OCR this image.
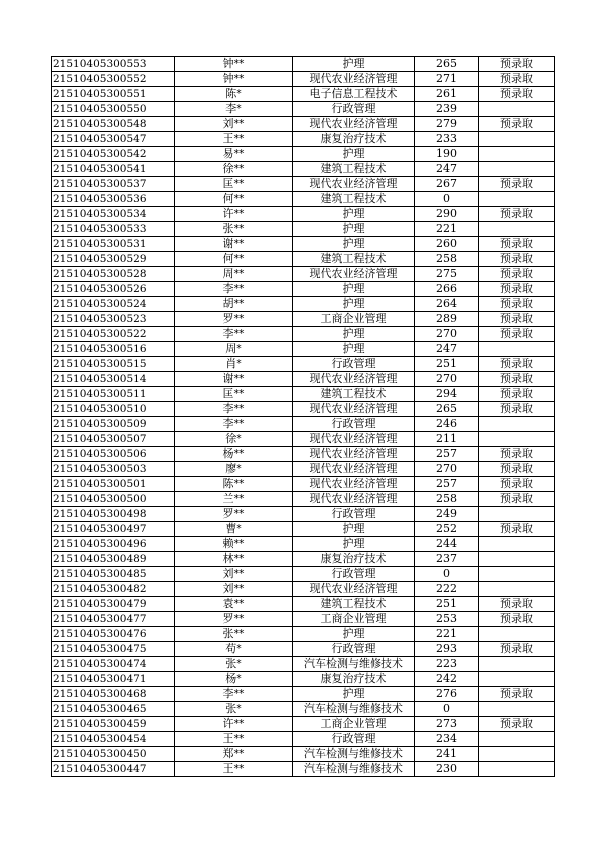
21510405300553	钟**	护理	265	预录取
21510405300552	钟**	现代农业经济管理	271	预录取
21510405300551	陈*	电子信息工程技术	261	预录取
21510405300550	李*	行政管理	239	
21510405300548	刘**	现代农业经济管理	279	预录取
21510405300547	王**	康复治疗技术	233	
21510405300542	易**	护理	190	
21510405300541	徐**	建筑工程技术	247	
21510405300537	匡**	现代农业经济管理	267	预录取
21510405300536	何**	建筑工程技术	0	
21510405300534	许**	护理	290	预录取
21510405300533	张**	护理	221	
21510405300531	谢**	护理	260	预录取
21510405300529	何**	建筑工程技术	258	预录取
21510405300528	周**	现代农业经济管理	275	预录取
21510405300526	李**	护理	266	预录取
21510405300524	胡**	护理	264	预录取
21510405300523	罗**	工商企业管理	289	预录取
21510405300522	李**	护理	270	预录取
21510405300516	周*	护理	247	
21510405300515	肖*	行政管理	251	预录取
21510405300514	谢**	现代农业经济管理	270	预录取
21510405300511	匡**	建筑工程技术	294	预录取
21510405300510	李**	现代农业经济管理	265	预录取
21510405300509	李**	行政管理	246	
21510405300507	徐*	现代农业经济管理	211	
21510405300506	杨**	现代农业经济管理	257	预录取
21510405300503	廖*	现代农业经济管理	270	预录取
21510405300501	陈**	现代农业经济管理	257	预录取
21510405300500	兰**	现代农业经济管理	258	预录取
21510405300498	罗**	行政管理	249	
21510405300497	曹*	护理	252	预录取
21510405300496	赖**	护理	244	
21510405300489	林**	康复治疗技术	237	
21510405300485	刘**	行政管理	0	
21510405300482	刘**	现代农业经济管理	222	
21510405300479	袁**	建筑工程技术	251	预录取
21510405300477	罗**	工商企业管理	253	预录取
21510405300476	张**	护理	221	
21510405300475	苟*	行政管理	293	预录取
21510405300474	张*	汽车检测与维修技术	223	
21510405300471	杨*	康复治疗技术	242	
21510405300468	李**	护理	276	预录取
21510405300465	张*	汽车检测与维修技术	0	
21510405300459	许**	工商企业管理	273	预录取
21510405300454	王**	行政管理	234	
21510405300450	郑**	汽车检测与维修技术	241	
21510405300447	王**	汽车检测与维修技术	230	
